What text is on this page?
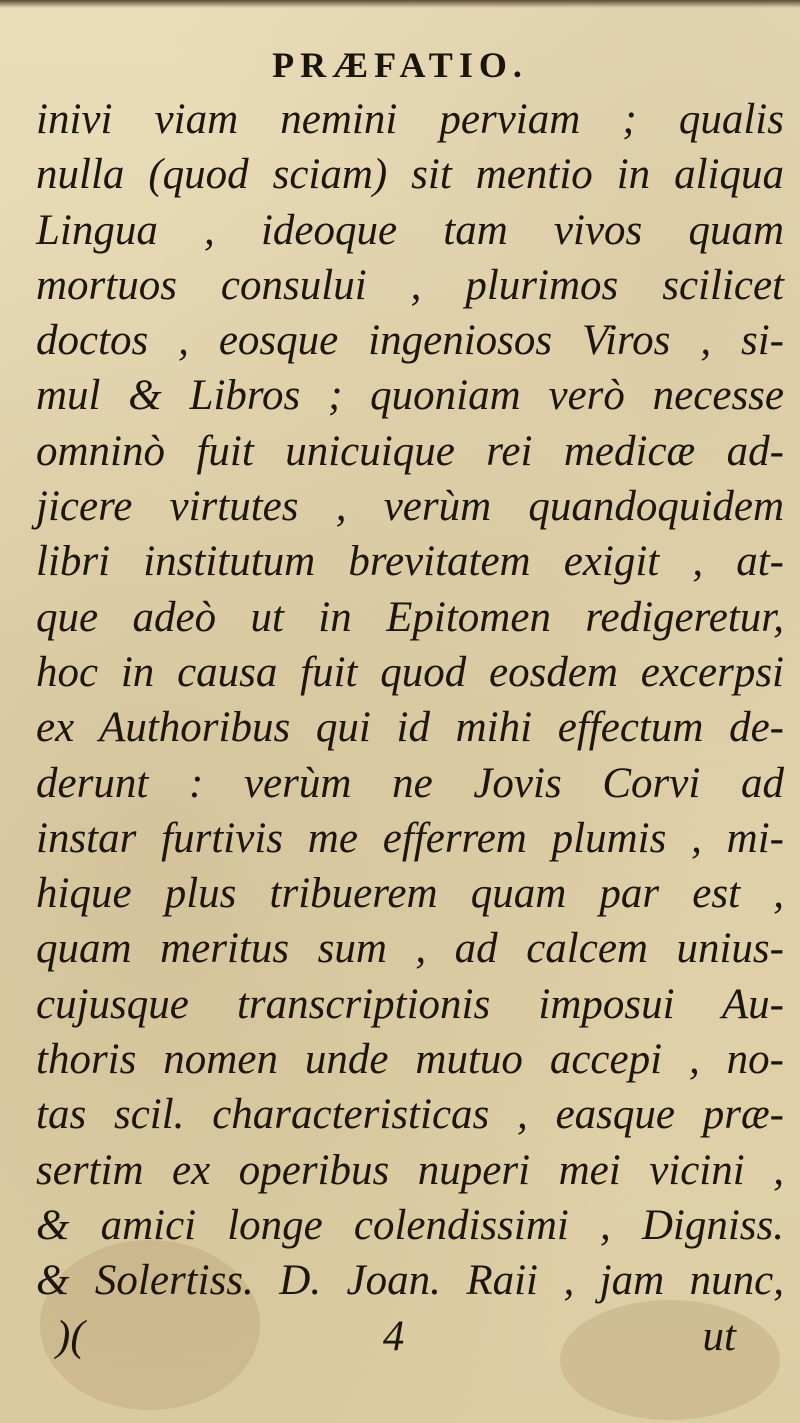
PRÆFATIO.
inivi viam nemini perviam ; qualis
nulla (quod sciam) sit mentio in aliqua
Lingua , ideoque tam vivos quam
mortuos consului , plurimos scilicet
doctos , eosque ingeniosos Viros , si-
mul & Libros ; quoniam verò necesse
omninò fuit unicuique rei medicæ ad-
jicere virtutes , verùm quandoquidem
libri institutum brevitatem exigit , at-
que adeò ut in Epitomen redigeretur,
hoc in causa fuit quod eosdem excerpsi
ex Authoribus qui id mihi effectum de-
derunt : verùm ne Jovis Corvi ad
instar furtivis me efferrem plumis , mi-
hique plus tribuerem quam par est ,
quam meritus sum , ad calcem unius-
cujusque transcriptionis imposui Au-
thoris nomen unde mutuo accepi , no-
tas scil. characteristicas , easque præ-
sertim ex operibus nuperi mei vicini ,
& amici longe colendissimi , Digniss.
& Solertiss. D. Joan. Raii , jam nunc,
)( 4	ut
